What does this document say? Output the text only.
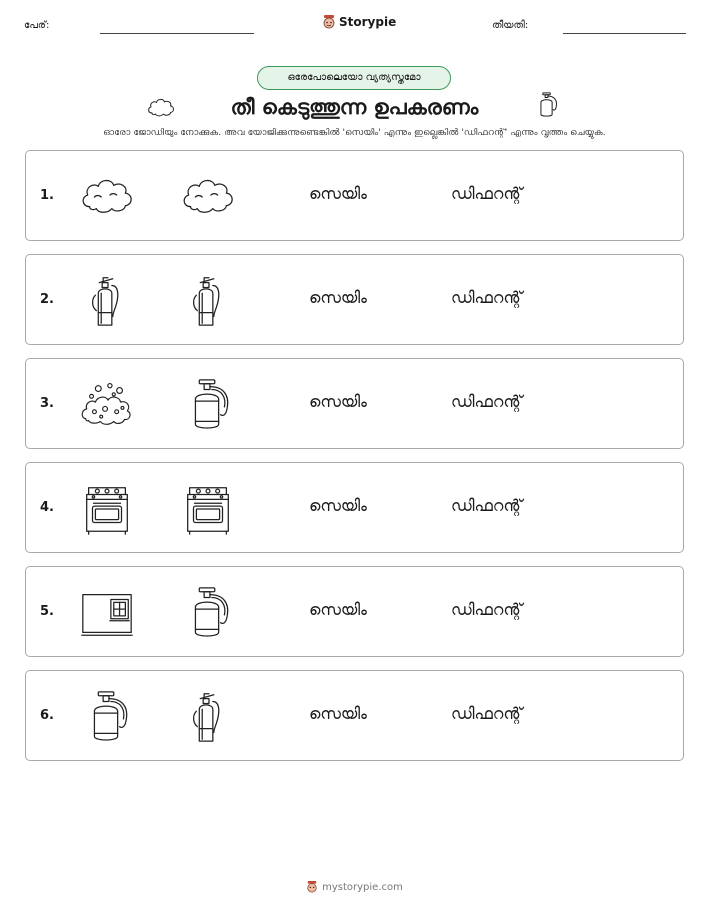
പേര്:	Storypie	തീയതി:
ഒരേപോലെയോ വ്യത്യസ്തമോ
തീ കെടുത്തുന്ന ഉപകരണം
ഓരോ ജോഡിയും നോക്കുക. അവ യോജിക്കുന്നുണ്ടെങ്കിൽ 'സെയിം' എന്നും ഇല്ലെങ്കിൽ 'ഡിഫറന്റ്' എന്നും വൃത്തം ചെയ്യുക.
1.	സെയിം	ഡിഫറന്റ്
2.	സെയിം	ഡിഫറന്റ്
3.	സെയിം	ഡിഫറന്റ്
4.	സെയിം	ഡിഫറന്റ്
5.	സെയിം	ഡിഫറന്റ്
6.	സെയിം	ഡിഫറന്റ്
mystorypie.com
